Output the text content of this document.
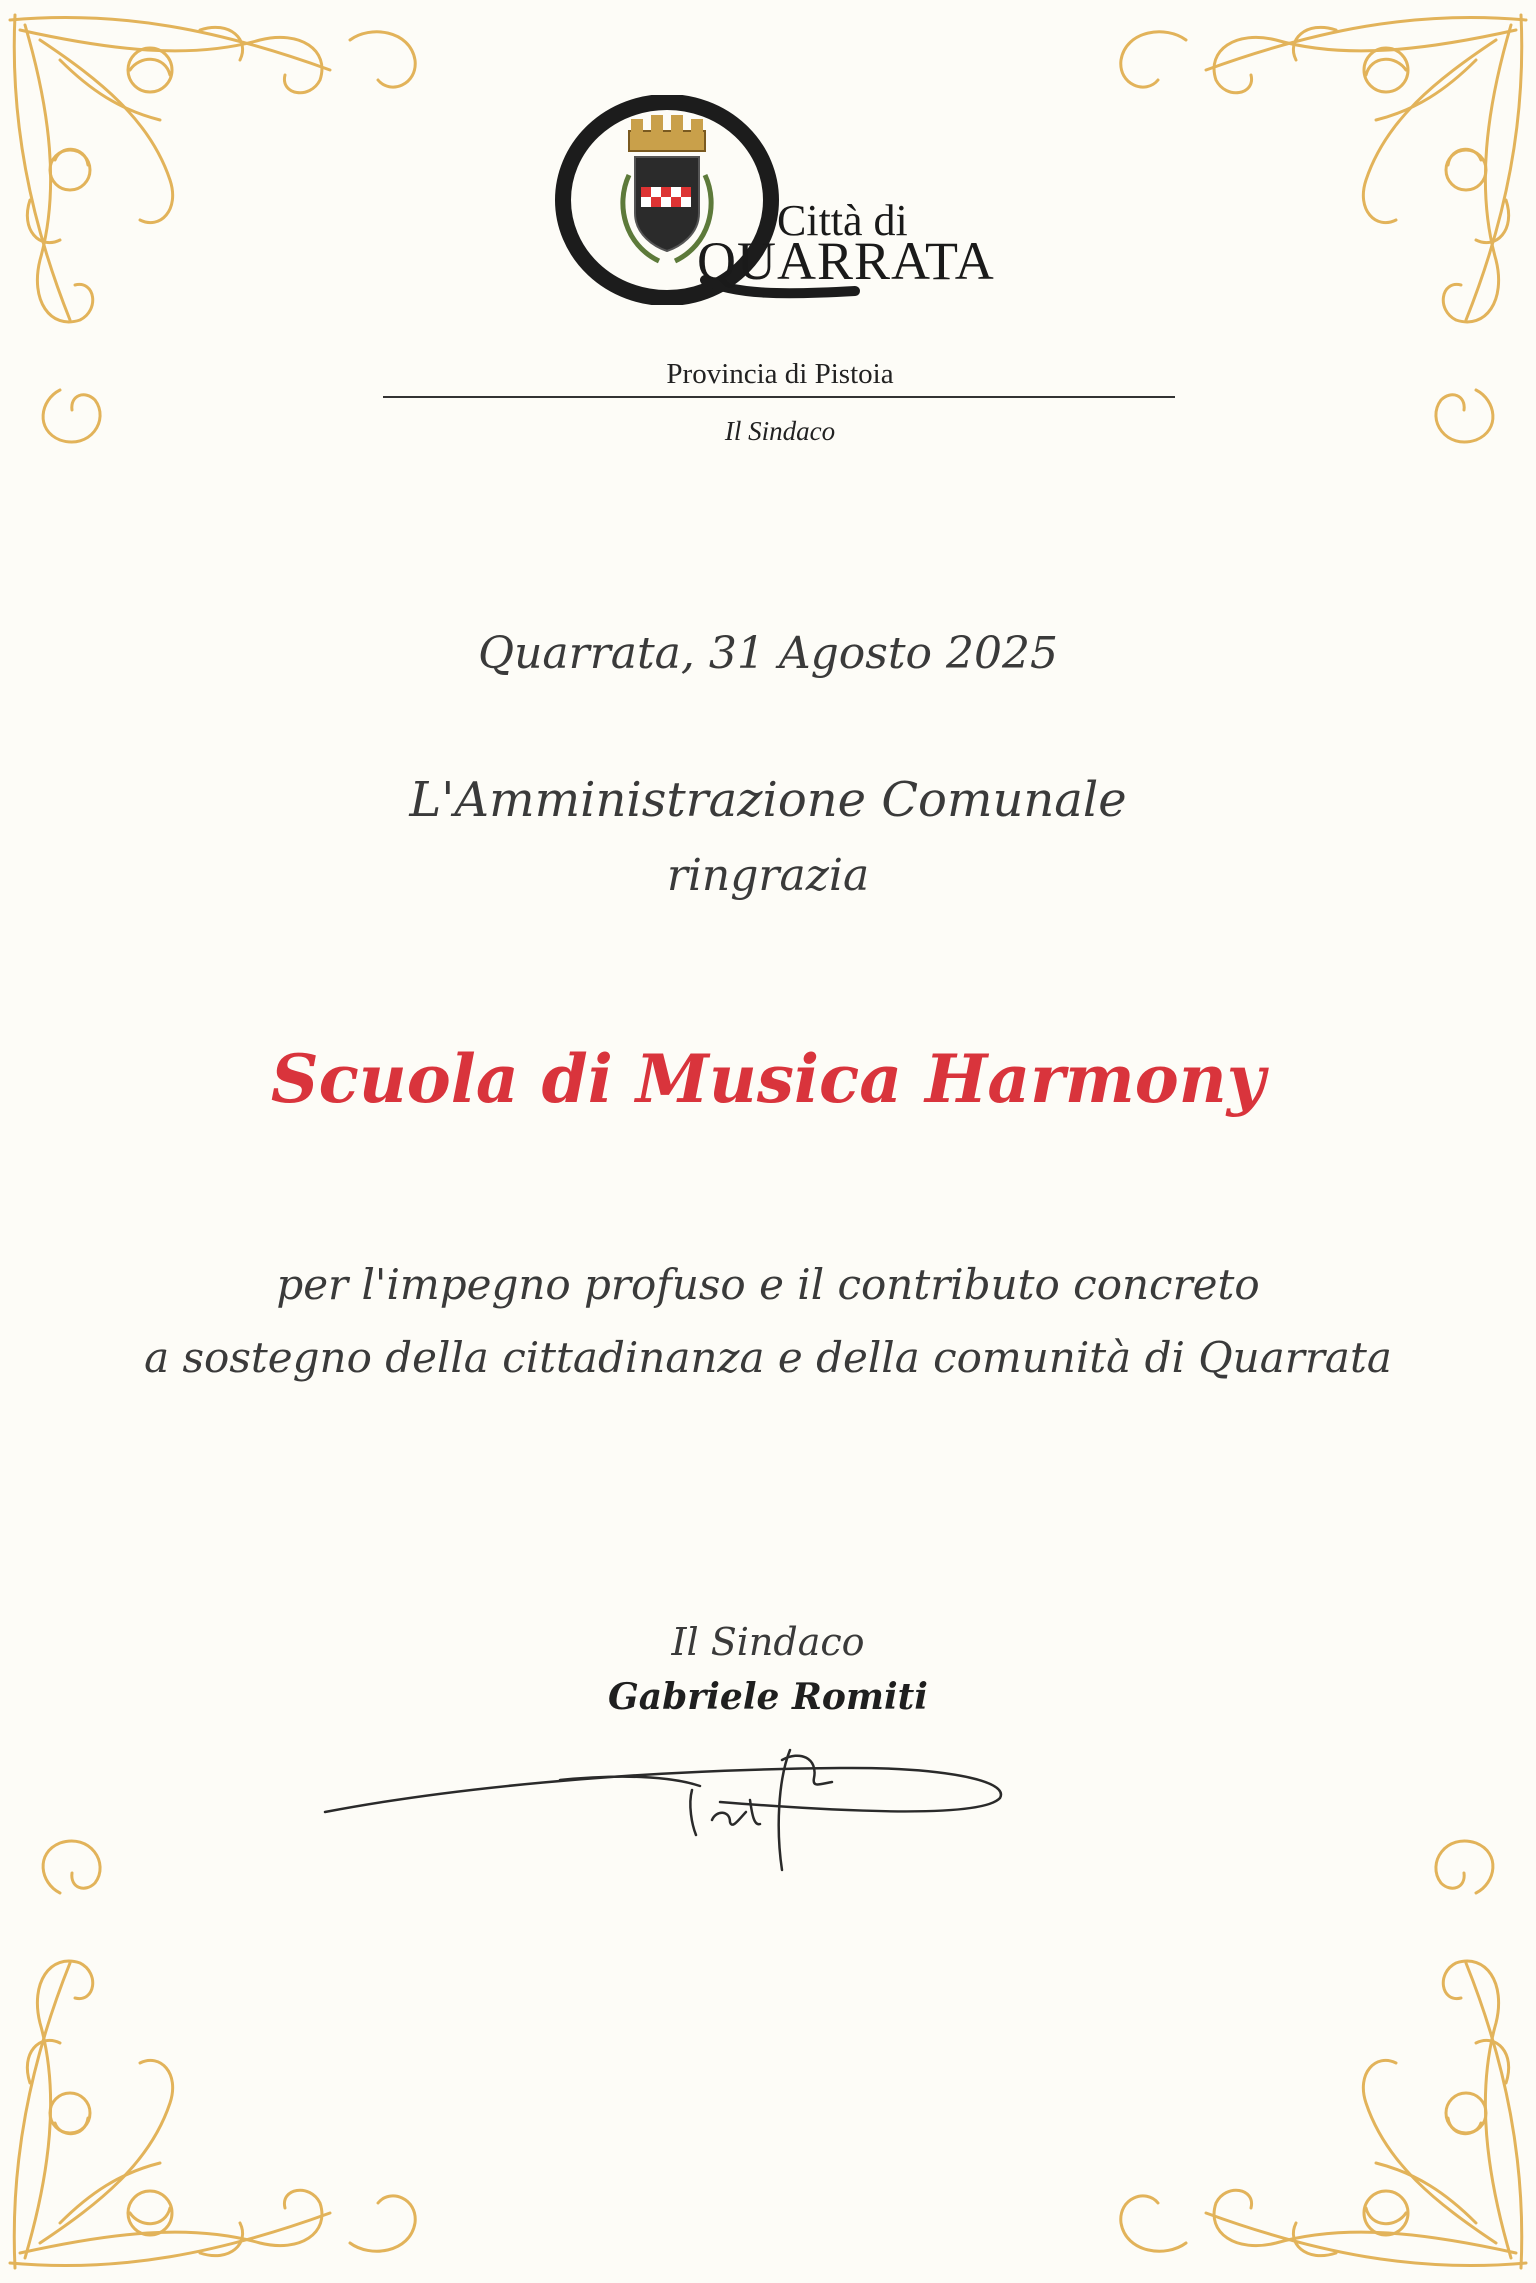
Città di
QUARRATA
Provincia di Pistoia
Il Sindaco
Quarrata, 31 Agosto 2025
L'Amministrazione Comunale
ringrazia
Scuola di Musica Harmony
per l'impegno profuso e il contributo concreto
a sostegno della cittadinanza e della comunità di Quarrata
Il Sindaco
Gabriele Romiti
